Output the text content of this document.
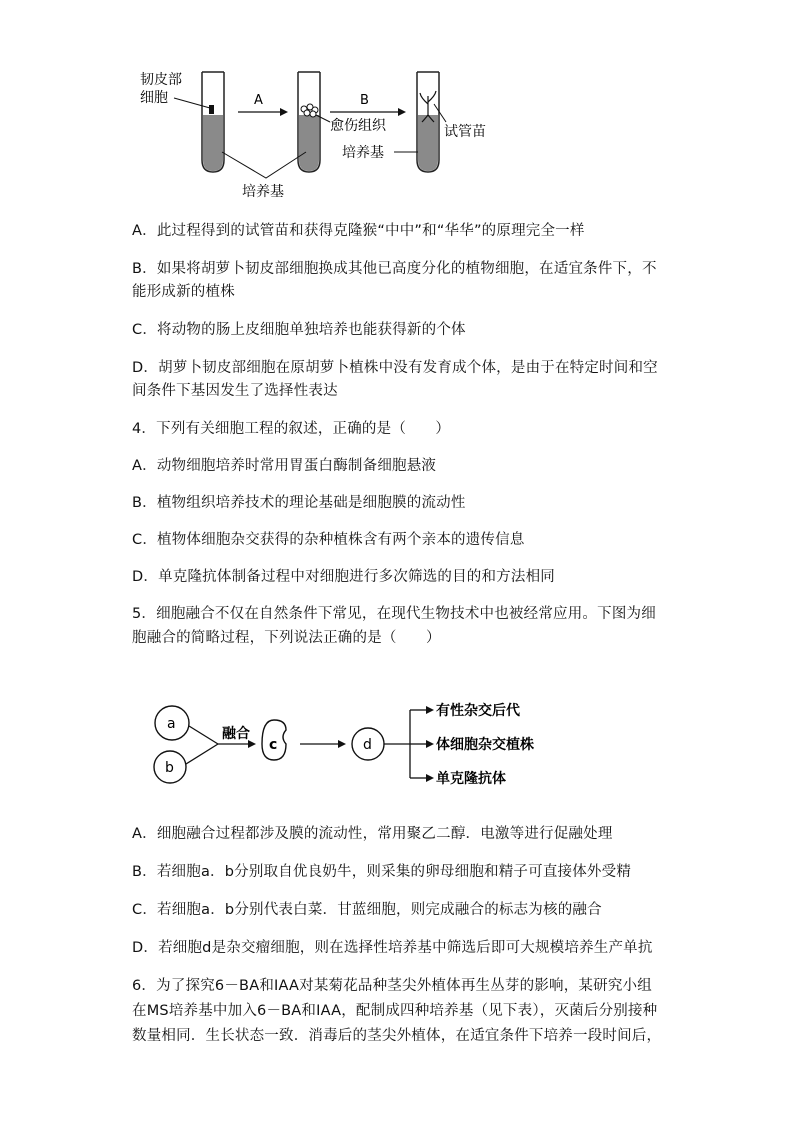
A	B
韧皮部
细胞
愈伤组织	试管苗
培养基
培养基
A．此过程得到的试管苗和获得克隆猴“中中”和“华华”的原理完全一样
B．如果将胡萝卜韧皮部细胞换成其他已高度分化的植物细胞，在适宜条件下，不
能形成新的植株
C．将动物的肠上皮细胞单独培养也能获得新的个体
D．胡萝卜韧皮部细胞在原胡萝卜植株中没有发育成个体，是由于在特定时间和空
间条件下基因发生了选择性表达
4．下列有关细胞工程的叙述，正确的是（　　）
A．动物细胞培养时常用胃蛋白酶制备细胞悬液
B．植物组织培养技术的理论基础是细胞膜的流动性
C．植物体细胞杂交获得的杂种植株含有两个亲本的遗传信息
D．单克隆抗体制备过程中对细胞进行多次筛选的目的和方法相同
5．细胞融合不仅在自然条件下常见，在现代生物技术中也被经常应用。下图为细
胞融合的简略过程，下列说法正确的是（　　）
a
b
融合
c	d
有性杂交后代
体细胞杂交植株
单克隆抗体
A．细胞融合过程都涉及膜的流动性，常用聚乙二醇．电激等进行促融处理
B．若细胞a．b分别取自优良奶牛，则采集的卵母细胞和精子可直接体外受精
C．若细胞a．b分别代表白菜．甘蓝细胞，则完成融合的标志为核的融合
D．若细胞d是杂交瘤细胞，则在选择性培养基中筛选后即可大规模培养生产单抗
6．为了探究6－BA和IAA对某菊花品种茎尖外植体再生丛芽的影响，某研究小组
在MS培养基中加入6－BA和IAA，配制成四种培养基（见下表），灭菌后分别接种
数量相同．生长状态一致．消毒后的茎尖外植体，在适宜条件下培养一段时间后，
